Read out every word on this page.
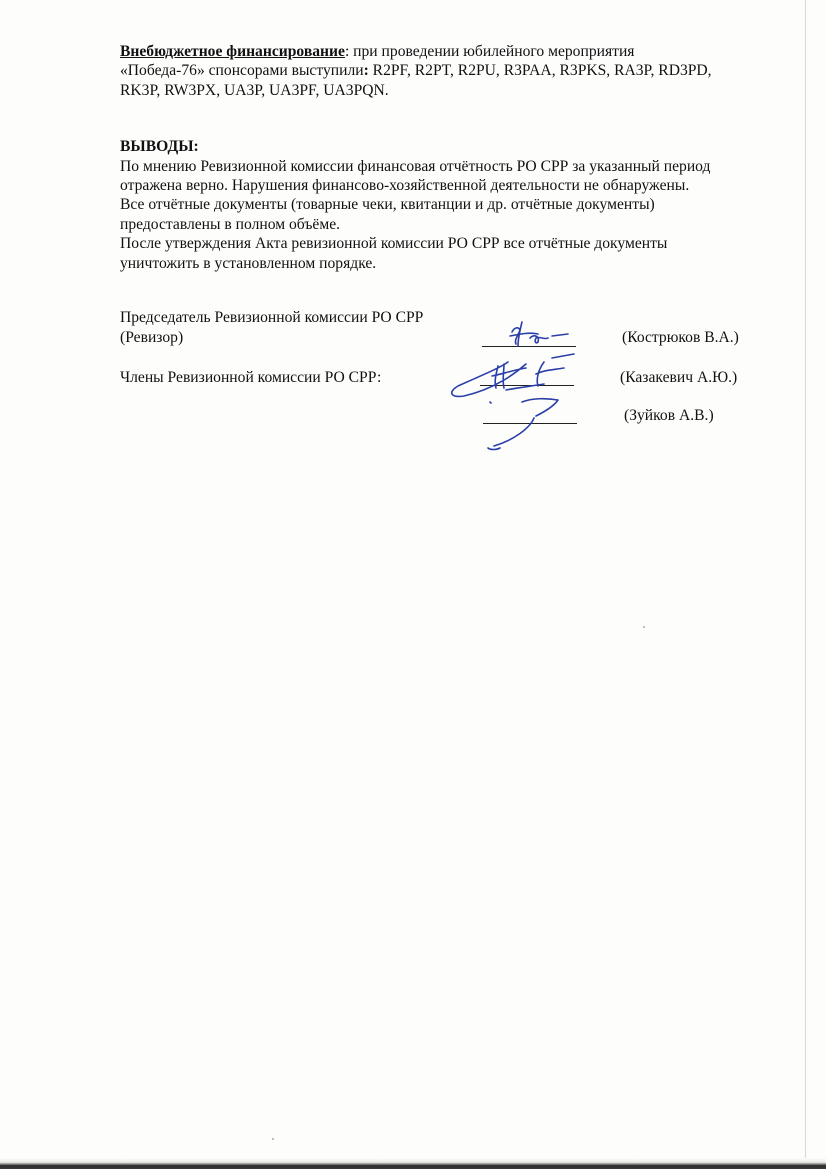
Внебюджетное финансирование: при проведении юбилейного мероприятия

«Победа-76» спонсорами выступили: R2PF, R2PT, R2PU, R3PAA, R3PKS, RA3P, RD3PD,

RK3P, RW3PX, UA3P, UA3PF, UA3PQN.

ВЫВОДЫ:

По мнению Ревизионной комиссии финансовая отчётность РО СРР за указанный период

отражена верно. Нарушения финансово-хозяйственной деятельности не обнаружены.

Все отчётные документы (товарные чеки, квитанции и др. отчётные документы)

предоставлены в полном объёме.

После утверждения Акта ревизионной комиссии РО СРР все отчётные документы

уничтожить в установленном порядке.

Председатель Ревизионной комиссии РО СРР
(Ревизор)	(Кострюков В.А.)
Члены Ревизионной комиссии РО СРР:	(Казакевич А.Ю.)
(Зуйков А.В.)
